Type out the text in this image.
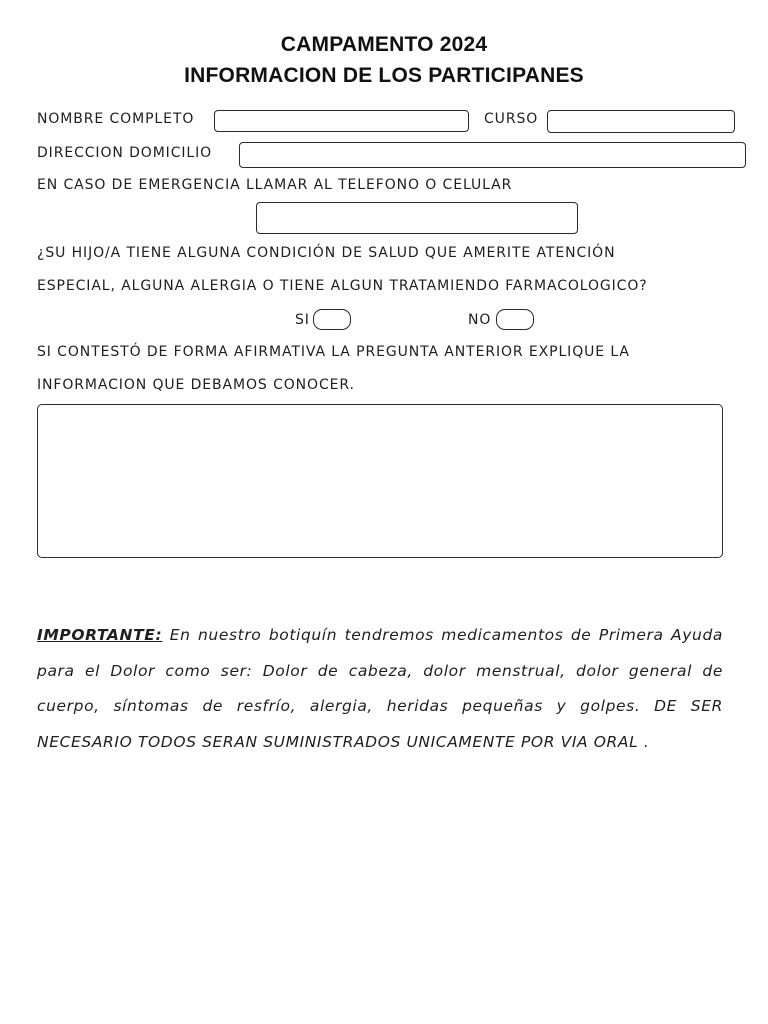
CAMPAMENTO 2024
INFORMACION DE LOS PARTICIPANES
NOMBRE COMPLETO	CURSO
DIRECCION DOMICILIO
EN CASO DE EMERGENCIA LLAMAR AL TELEFONO O CELULAR
¿SU HIJO/A TIENE ALGUNA CONDICIÓN DE SALUD QUE AMERITE ATENCIÓN
ESPECIAL, ALGUNA ALERGIA O TIENE ALGUN TRATAMIENDO FARMACOLOGICO?
SI	NO
SI CONTESTÓ DE FORMA AFIRMATIVA LA PREGUNTA ANTERIOR EXPLIQUE LA
INFORMACION QUE DEBAMOS CONOCER.

IMPORTANTE: En nuestro botiquín tendremos medicamentos de Primera Ayuda para el Dolor como ser: Dolor de cabeza, dolor menstrual, dolor general de cuerpo, síntomas de resfrío, alergia, heridas pequeñas y golpes. DE SER NECESARIO TODOS SERAN SUMINISTRADOS UNICAMENTE POR VIA ORAL .
